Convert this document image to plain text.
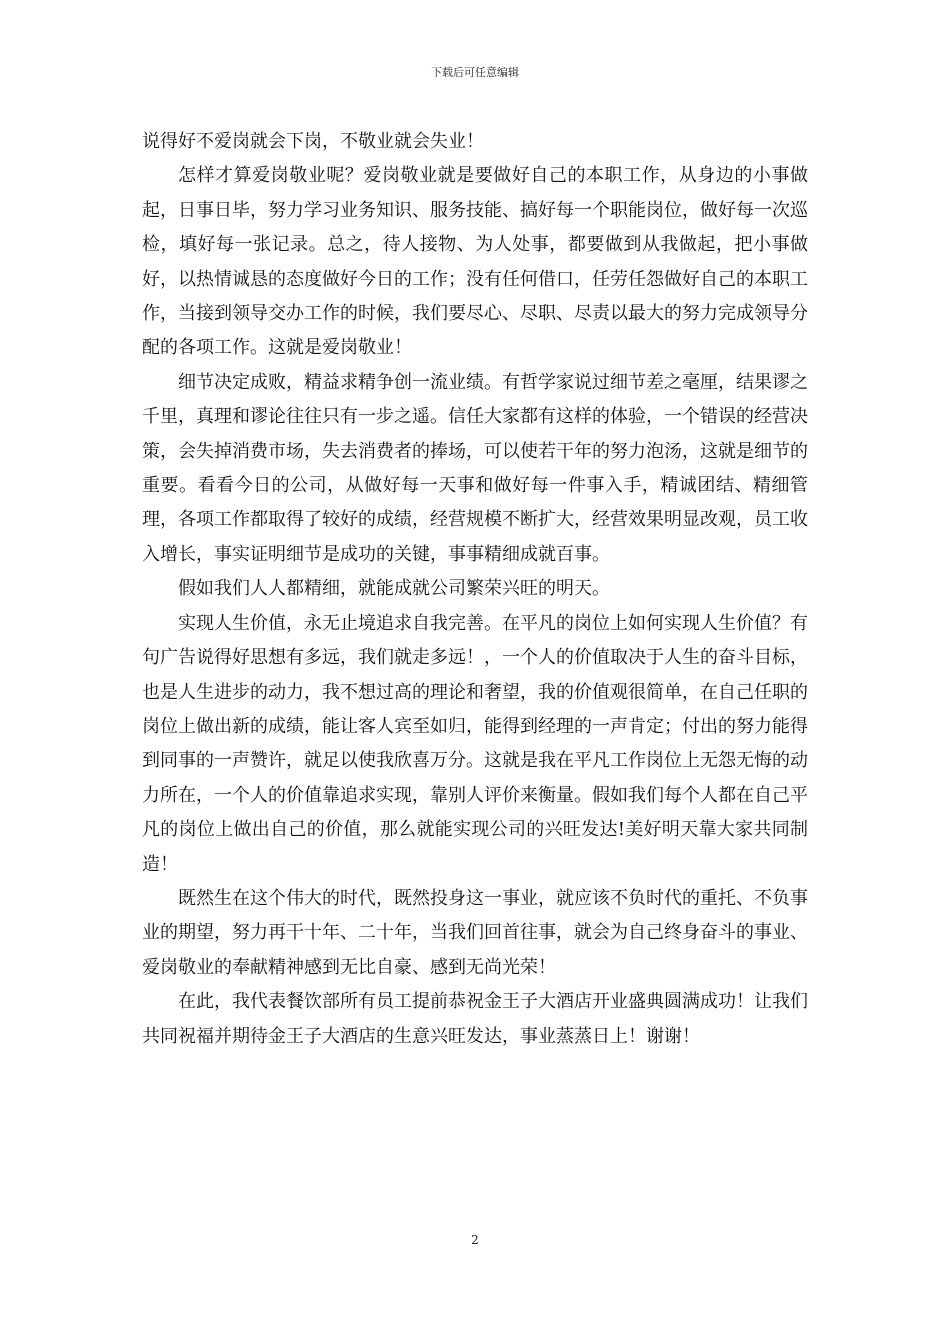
下载后可任意编辑

说得好不爱岗就会下岗，不敬业就会失业！

怎样才算爱岗敬业呢？爱岗敬业就是要做好自己的本职工作，从身边的小事做起，日事日毕，努力学习业务知识、服务技能、搞好每一个职能岗位，做好每一次巡检，填好每一张记录。总之，待人接物、为人处事，都要做到从我做起，把小事做好，以热情诚恳的态度做好今日的工作；没有任何借口，任劳任怨做好自己的本职工作，当接到领导交办工作的时候，我们要尽心、尽职、尽责以最大的努力完成领导分配的各项工作。这就是爱岗敬业！

细节决定成败，精益求精争创一流业绩。有哲学家说过细节差之毫厘，结果谬之千里，真理和谬论往往只有一步之遥。信任大家都有这样的体验，一个错误的经营决策，会失掉消费市场，失去消费者的捧场，可以使若干年的努力泡汤，这就是细节的重要。看看今日的公司，从做好每一天事和做好每一件事入手，精诚团结、精细管理，各项工作都取得了较好的成绩，经营规模不断扩大，经营效果明显改观，员工收入增长，事实证明细节是成功的关键，事事精细成就百事。

假如我们人人都精细，就能成就公司繁荣兴旺的明天。

实现人生价值，永无止境追求自我完善。在平凡的岗位上如何实现人生价值？有句广告说得好思想有多远，我们就走多远！，一个人的价值取决于人生的奋斗目标，也是人生进步的动力，我不想过高的理论和奢望，我的价值观很简单，在自己任职的岗位上做出新的成绩，能让客人宾至如归，能得到经理的一声肯定；付出的努力能得到同事的一声赞许，就足以使我欣喜万分。这就是我在平凡工作岗位上无怨无悔的动力所在，一个人的价值靠追求实现，靠别人评价来衡量。假如我们每个人都在自己平凡的岗位上做出自己的价值，那么就能实现公司的兴旺发达!美好明天靠大家共同制造！

既然生在这个伟大的时代，既然投身这一事业，就应该不负时代的重托、不负事业的期望，努力再干十年、二十年，当我们回首往事，就会为自己终身奋斗的事业、爱岗敬业的奉献精神感到无比自豪、感到无尚光荣！

在此，我代表餐饮部所有员工提前恭祝金王子大酒店开业盛典圆满成功！让我们共同祝福并期待金王子大酒店的生意兴旺发达，事业蒸蒸日上！谢谢！

2
